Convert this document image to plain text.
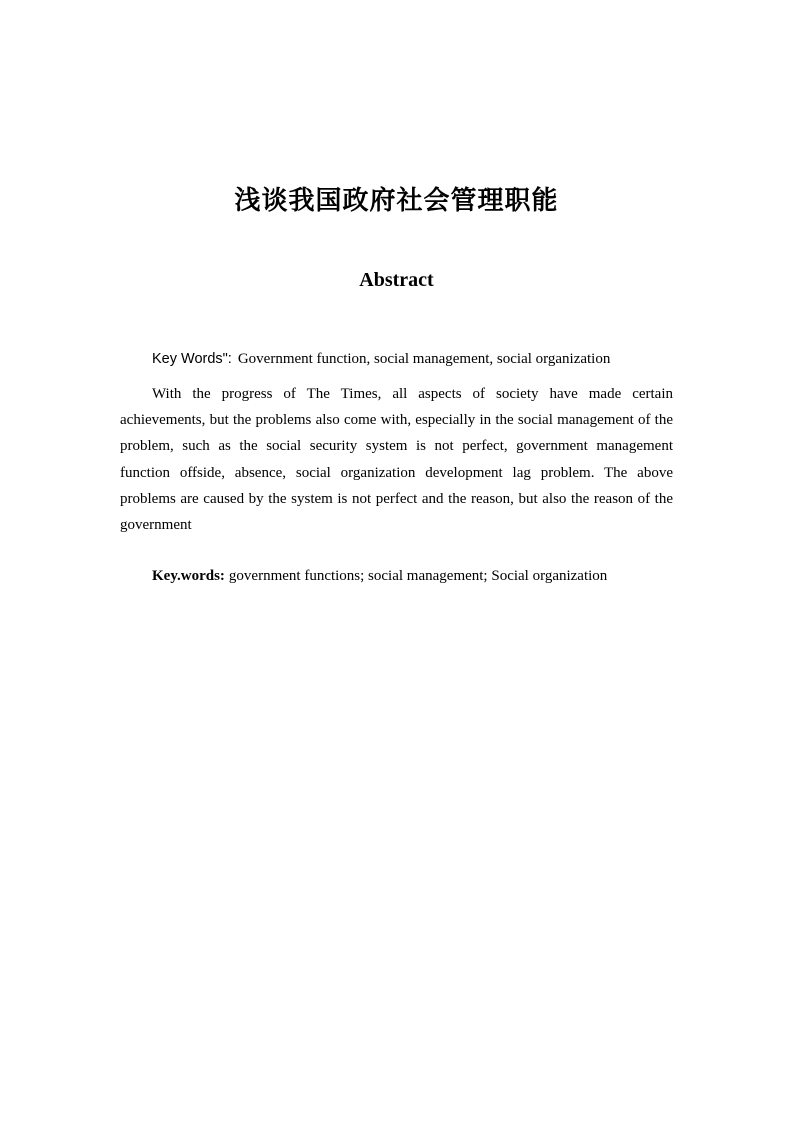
浅谈我国政府社会管理职能
Abstract
Key Words": Government function, social management, social organization

With the progress of The Times, all aspects of society have made certain achievements, but the problems also come with, especially in the social management of the problem, such as the social security system is not perfect, government management function offside, absence, social organization development lag problem. The above problems are caused by the system is not perfect and the reason, but also the reason of the government

Key.words: government functions; social management; Social organization
